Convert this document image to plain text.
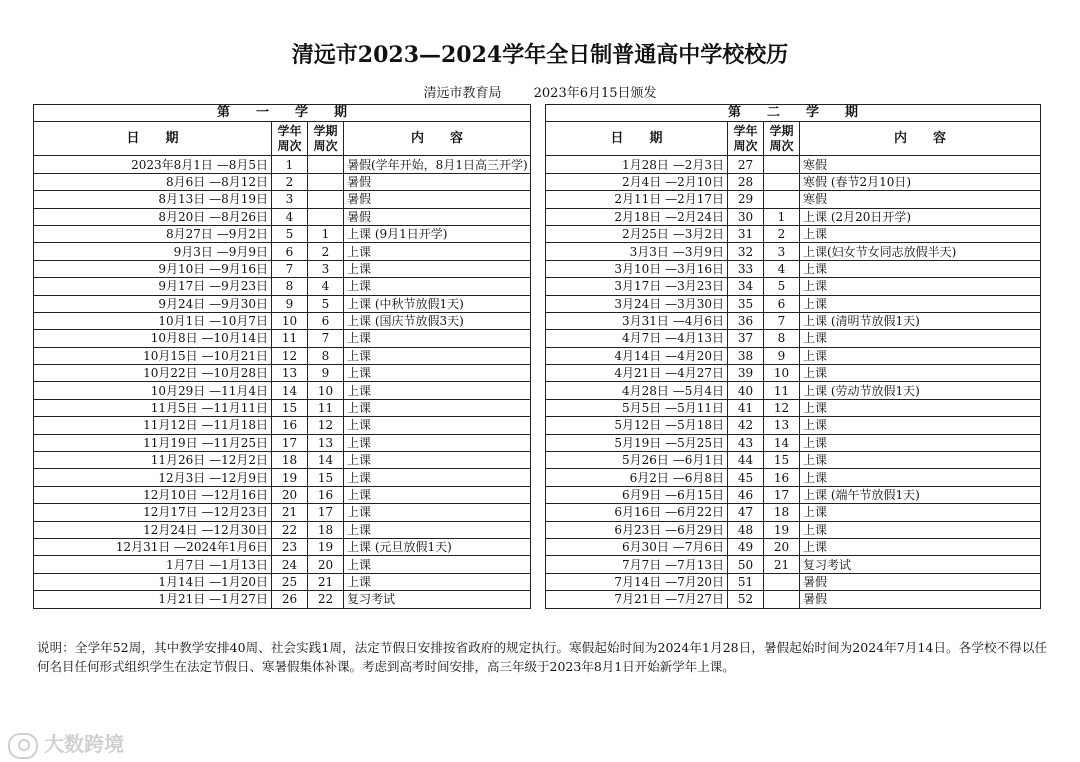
清远市2023—2024学年全日制普通高中学校校历
清远市教育局 2023年6月15日颁发
第　　一　　学　　期			
日　　期	学年周次	学期周次	内　　容
2023年8月1日 —8月5日	1		暑假(学年开始，8月1日高三开学)
8月6日 —8月12日	2		暑假
8月13日 —8月19日	3		暑假
8月20日 —8月26日	4		暑假
8月27日 —9月2日	5	1	上课 (9月1日开学)
9月3日 —9月9日	6	2	上课
9月10日 —9月16日	7	3	上课
9月17日 —9月23日	8	4	上课
9月24日 —9月30日	9	5	上课 (中秋节放假1天)
10月1日 —10月7日	10	6	上课 (国庆节放假3天)
10月8日 —10月14日	11	7	上课
10月15日 —10月21日	12	8	上课
10月22日 —10月28日	13	9	上课
10月29日 —11月4日	14	10	上课
11月5日 —11月11日	15	11	上课
11月12日 —11月18日	16	12	上课
11月19日 —11月25日	17	13	上课
11月26日 —12月2日	18	14	上课
12月3日 —12月9日	19	15	上课
12月10日 —12月16日	20	16	上课
12月17日 —12月23日	21	17	上课
12月24日 —12月30日	22	18	上课
12月31日 —2024年1月6日	23	19	上课 (元旦放假1天)
1月7日 —1月13日	24	20	上课
1月14日 —1月20日	25	21	上课
1月21日 —1月27日	26	22	复习考试
第　　二　　学　　期			
日　　期	学年周次	学期周次	内　　容
1月28日 —2月3日	27		寒假
2月4日 —2月10日	28		寒假 (春节2月10日)
2月11日 —2月17日	29		寒假
2月18日 —2月24日	30	1	上课 (2月20日开学)
2月25日 —3月2日	31	2	上课
3月3日 —3月9日	32	3	上课(妇女节女同志放假半天)
3月10日 —3月16日	33	4	上课
3月17日 —3月23日	34	5	上课
3月24日 —3月30日	35	6	上课
3月31日 —4月6日	36	7	上课 (清明节放假1天)
4月7日 —4月13日	37	8	上课
4月14日 —4月20日	38	9	上课
4月21日 —4月27日	39	10	上课
4月28日 —5月4日	40	11	上课 (劳动节放假1天)
5月5日 —5月11日	41	12	上课
5月12日 —5月18日	42	13	上课
5月19日 —5月25日	43	14	上课
5月26日 —6月1日	44	15	上课
6月2日 —6月8日	45	16	上课
6月9日 —6月15日	46	17	上课 (端午节放假1天)
6月16日 —6月22日	47	18	上课
6月23日 —6月29日	48	19	上课
6月30日 —7月6日	49	20	上课
7月7日 —7月13日	50	21	复习考试
7月14日 —7月20日	51		暑假
7月21日 —7月27日	52		暑假
说明：全学年52周，其中教学安排40周、社会实践1周，法定节假日安排按省政府的规定执行。寒假起始时间为2024年1月28日，暑假起始时间为2024年7月14日。各学校不得以任何名目任何形式组织学生在法定节假日、寒暑假集体补课。考虑到高考时间安排，高三年级于2023年8月1日开始新学年上课。
大数跨境
